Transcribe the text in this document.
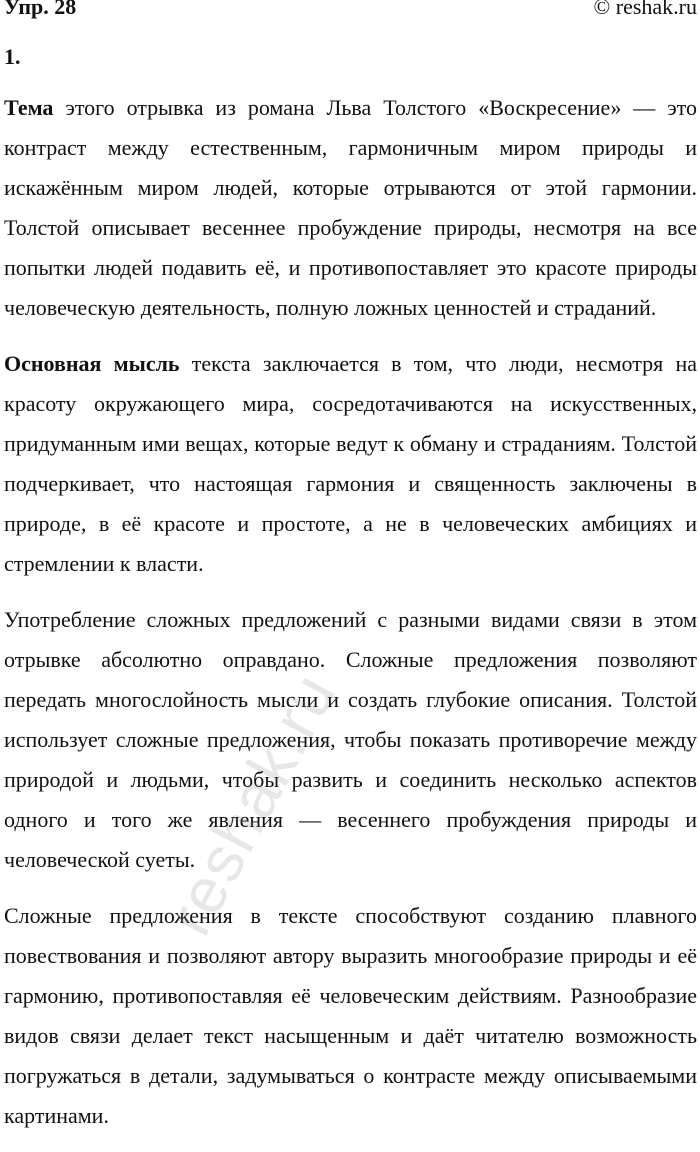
Упр. 28	© reshak.ru
1.

Тема этого отрывка из романа Льва Толстого «Воскресение» — это контраст между естественным, гармоничным миром природы и искажённым миром людей, которые отрываются от этой гармонии. Толстой описывает весеннее пробуждение природы, несмотря на все попытки людей подавить её, и противопоставляет это красоте природы человеческую деятельность, полную ложных ценностей и страданий.

Основная мысль текста заключается в том, что люди, несмотря на красоту окружающего мира, сосредотачиваются на искусственных, придуманным ими вещах, которые ведут к обману и страданиям. Толстой подчеркивает, что настоящая гармония и священность заключены в природе, в её красоте и простоте, а не в человеческих амбициях и стремлении к власти.

Употребление сложных предложений с разными видами связи в этом отрывке абсолютно оправдано. Сложные предложения позволяют передать многослойность мысли и создать глубокие описания. Толстой использует сложные предложения, чтобы показать противоречие между природой и людьми, чтобы развить и соединить несколько аспектов одного и того же явления — весеннего пробуждения природы и человеческой суеты.

Сложные предложения в тексте способствуют созданию плавного повествования и позволяют автору выразить многообразие природы и её гармонию, противопоставляя её человеческим действиям. Разнообразие видов связи делает текст насыщенным и даёт читателю возможность погружаться в детали, задумываться о контрасте между описываемыми картинами.

reshak.ru
